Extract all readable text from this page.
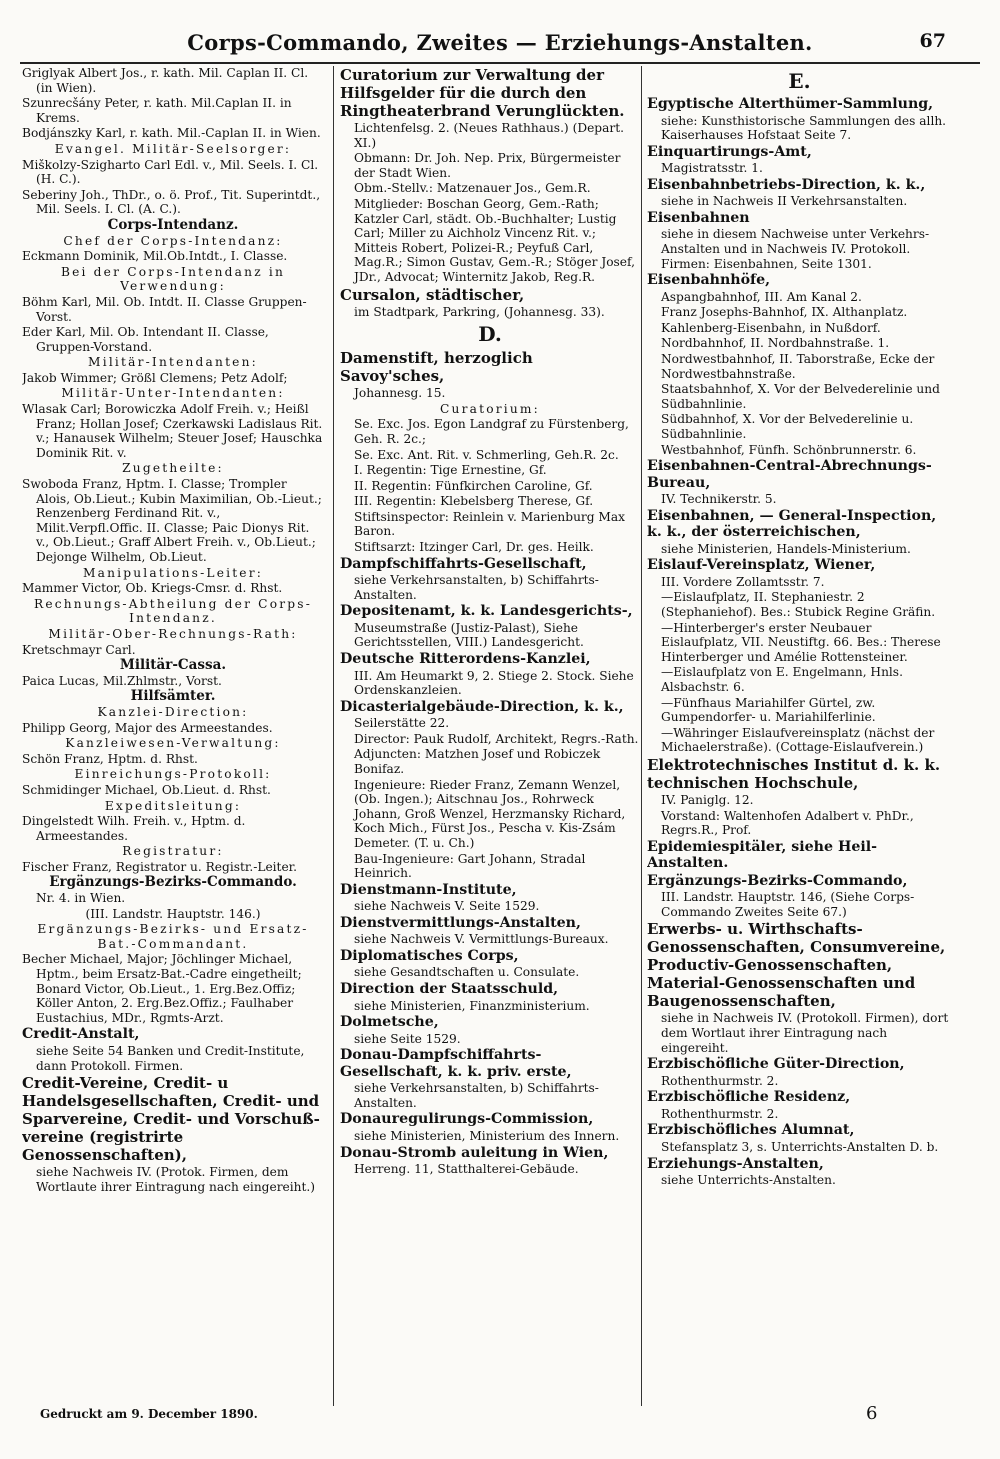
Corps-Commando, Zweites — Erziehungs-Anstalten.	67
Griglyak Albert Jos., r. kath. Mil. Caplan II. Cl. (in Wien).
Szunrecšány Peter, r. kath. Mil.Caplan II. in Krems.
Bodjánszky Karl, r. kath. Mil.-Caplan II. in Wien.
Evangel. Militär-Seelsorger:
Miškolzy-Szigharto Carl Edl. v., Mil. Seels. I. Cl. (H. C.).
Seberiny Joh., ThDr., o. ö. Prof., Tit. Superintdt., Mil. Seels. I. Cl. (A. C.).
Corps-Intendanz.
Chef der Corps-Intendanz:
Eckmann Dominik, Mil.Ob.Intdt., I. Classe.
Bei der Corps-Intendanz in Verwendung:
Böhm Karl, Mil. Ob. Intdt. II. Classe Gruppen-Vorst.
Eder Karl, Mil. Ob. Intendant II. Classe, Gruppen-Vorstand.
Militär-Intendanten:
Jakob Wimmer; Größl Clemens; Petz Adolf;
Militär-Unter-Intendanten:
Wlasak Carl; Borowiczka Adolf Freih. v.; Heißl Franz; Hollan Josef; Czerkawski Ladislaus Rit. v.; Hanausek Wilhelm; Steuer Josef; Hauschka Dominik Rit. v.
Zugetheilte:
Swoboda Franz, Hptm. I. Classe; Trompler Alois, Ob.Lieut.; Kubin Maximilian, Ob.-Lieut.; Renzenberg Ferdinand Rit. v., Milit.Verpfl.Offic. II. Classe; Paic Dionys Rit. v., Ob.Lieut.; Graff Albert Freih. v., Ob.Lieut.; Dejonge Wilhelm, Ob.Lieut.
Manipulations-Leiter:
Mammer Victor, Ob. Kriegs-Cmsr. d. Rhst.
Rechnungs-Abtheilung der Corps-Intendanz.
Militär-Ober-Rechnungs-Rath:
Kretschmayr Carl.
Militär-Cassa.
Paica Lucas, Mil.Zhlmstr., Vorst.
Hilfsämter.
Kanzlei-Direction:
Philipp Georg, Major des Armeestandes.
Kanzleiwesen-Verwaltung:
Schön Franz, Hptm. d. Rhst.
Einreichungs-Protokoll:
Schmidinger Michael, Ob.Lieut. d. Rhst.
Expeditsleitung:
Dingelstedt Wilh. Freih. v., Hptm. d. Armeestandes.
Registratur:
Fischer Franz, Registrator u. Registr.-Leiter.
Ergänzungs-Bezirks-Commando.
Nr. 4. in Wien.
(III. Landstr. Hauptstr. 146.)
Ergänzungs-Bezirks- und Ersatz-Bat.-Commandant.
Becher Michael, Major; Jöchlinger Michael, Hptm., beim Ersatz-Bat.-Cadre eingetheilt; Bonard Victor, Ob.Lieut., 1. Erg.Bez.Offiz; Köller Anton, 2. Erg.Bez.Offiz.; Faulhaber Eustachius, MDr., Rgmts-Arzt.
Credit-Anstalt,
siehe Seite 54 Banken und Credit-Institute, dann Protokoll. Firmen.
Credit-Vereine, Credit- u Handelsgesellschaften, Credit- und Sparvereine, Credit- und Vorschuß-vereine (registrirte Genossenschaften),
siehe Nachweis IV. (Protok. Firmen, dem Wortlaute ihrer Eintragung nach eingereiht.)
Curatorium zur Verwaltung der Hilfsgelder für die durch den Ringtheaterbrand Verunglückten.
Lichtenfelsg. 2. (Neues Rathhaus.) (Depart. XI.)
Obmann: Dr. Joh. Nep. Prix, Bürgermeister der Stadt Wien.
Obm.-Stellv.: Matzenauer Jos., Gem.R.
Mitglieder: Boschan Georg, Gem.-Rath; Katzler Carl, städt. Ob.-Buchhalter; Lustig Carl; Miller zu Aichholz Vincenz Rit. v.; Mitteis Robert, Polizei-R.; Peyfuß Carl, Mag.R.; Simon Gustav, Gem.-R.; Stöger Josef, JDr., Advocat; Winternitz Jakob, Reg.R.
Cursalon, städtischer,
im Stadtpark, Parkring, (Johannesg. 33).
D.
Damenstift, herzoglich Savoy'sches,
Johannesg. 15.
Curatorium:
Se. Exc. Jos. Egon Landgraf zu Fürstenberg, Geh. R. 2c.;
Se. Exc. Ant. Rit. v. Schmerling, Geh.R. 2c.
I. Regentin: Tige Ernestine, Gf.
II. Regentin: Fünfkirchen Caroline, Gf.
III. Regentin: Klebelsberg Therese, Gf.
Stiftsinspector: Reinlein v. Marienburg Max Baron.
Stiftsarzt: Itzinger Carl, Dr. ges. Heilk.
Dampfschiffahrts-Gesellschaft,
siehe Verkehrsanstalten, b) Schiffahrts-Anstalten.
Depositenamt, k. k. Landesgerichts-,
Museumstraße (Justiz-Palast), Siehe Gerichtsstellen, VIII.) Landesgericht.
Deutsche Ritterordens-Kanzlei,
III. Am Heumarkt 9, 2. Stiege 2. Stock. Siehe Ordenskanzleien.
Dicasterialgebäude-Direction, k. k.,
Seilerstätte 22.
Director: Pauk Rudolf, Architekt, Regrs.-Rath.
Adjuncten: Matzhen Josef und Robiczek Bonifaz.
Ingenieure: Rieder Franz, Zemann Wenzel, (Ob. Ingen.); Aitschnau Jos., Rohrweck Johann, Groß Wenzel, Herzmansky Richard, Koch Mich., Fürst Jos., Pescha v. Kis-Zsám Demeter. (T. u. Ch.)
Bau-Ingenieure: Gart Johann, Stradal Heinrich.
Dienstmann-Institute,
siehe Nachweis V. Seite 1529.
Dienstvermittlungs-Anstalten,
siehe Nachweis V. Vermittlungs-Bureaux.
Diplomatisches Corps,
siehe Gesandtschaften u. Consulate.
Direction der Staatsschuld,
siehe Ministerien, Finanzministerium.
Dolmetsche,
siehe Seite 1529.
Donau-Dampfschiffahrts-Gesellschaft, k. k. priv. erste,
siehe Verkehrsanstalten, b) Schiffahrts-Anstalten.
Donauregulirungs-Commission,
siehe Ministerien, Ministerium des Innern.
Donau-Stromb auleitung in Wien,
Herreng. 11, Statthalterei-Gebäude.
E.
Egyptische Alterthümer-Sammlung,
siehe: Kunsthistorische Sammlungen des allh. Kaiserhauses Hofstaat Seite 7.
Einquartirungs-Amt,
Magistratsstr. 1.
Eisenbahnbetriebs-Direction, k. k.,
siehe in Nachweis II Verkehrsanstalten.
Eisenbahnen
siehe in diesem Nachweise unter Verkehrs-Anstalten und in Nachweis IV. Protokoll. Firmen: Eisenbahnen, Seite 1301.
Eisenbahnhöfe,
Aspangbahnhof, III. Am Kanal 2.
Franz Josephs-Bahnhof, IX. Althanplatz.
Kahlenberg-Eisenbahn, in Nußdorf.
Nordbahnhof, II. Nordbahnstraße. 1.
Nordwestbahnhof, II. Taborstraße, Ecke der Nordwestbahnstraße.
Staatsbahnhof, X. Vor der Belvederelinie und Südbahnlinie.
Südbahnhof, X. Vor der Belvederelinie u. Südbahnlinie.
Westbahnhof, Fünfh. Schönbrunnerstr. 6.
Eisenbahnen-Central-Abrechnungs-Bureau,
IV. Technikerstr. 5.
Eisenbahnen, — General-Inspection, k. k., der österreichischen,
siehe Ministerien, Handels-Ministerium.
Eislauf-Vereinsplatz, Wiener,
III. Vordere Zollamtsstr. 7.
—Eislaufplatz, II. Stephaniestr. 2 (Stephaniehof). Bes.: Stubick Regine Gräfin.
—Hinterberger's erster Neubauer Eislaufplatz, VII. Neustiftg. 66. Bes.: Therese Hinterberger und Amélie Rottensteiner.
—Eislaufplatz von E. Engelmann, Hnls. Alsbachstr. 6.
—Fünfhaus Mariahilfer Gürtel, zw. Gumpendorfer- u. Mariahilferlinie.
—Währinger Eislaufvereinsplatz (nächst der Michaelerstraße). (Cottage-Eislaufverein.)
Elektrotechnisches Institut d. k. k. technischen Hochschule,
IV. Paniglg. 12.
Vorstand: Waltenhofen Adalbert v. PhDr., Regrs.R., Prof.
Epidemiespitäler, siehe Heil-Anstalten.
Ergänzungs-Bezirks-Commando,
III. Landstr. Hauptstr. 146, (Siehe Corps-Commando Zweites Seite 67.)
Erwerbs- u. Wirthschafts-Genossenschaften, Consumvereine, Productiv-Genossenschaften, Material-Genossenschaften und Baugenossenschaften,
siehe in Nachweis IV. (Protokoll. Firmen), dort dem Wortlaut ihrer Eintragung nach eingereiht.
Erzbischöfliche Güter-Direction,
Rothenthurmstr. 2.
Erzbischöfliche Residenz,
Rothenthurmstr. 2.
Erzbischöfliches Alumnat,
Stefansplatz 3, s. Unterrichts-Anstalten D. b.
Erziehungs-Anstalten,
siehe Unterrichts-Anstalten.
Gedruckt am 9. December 1890.	6
